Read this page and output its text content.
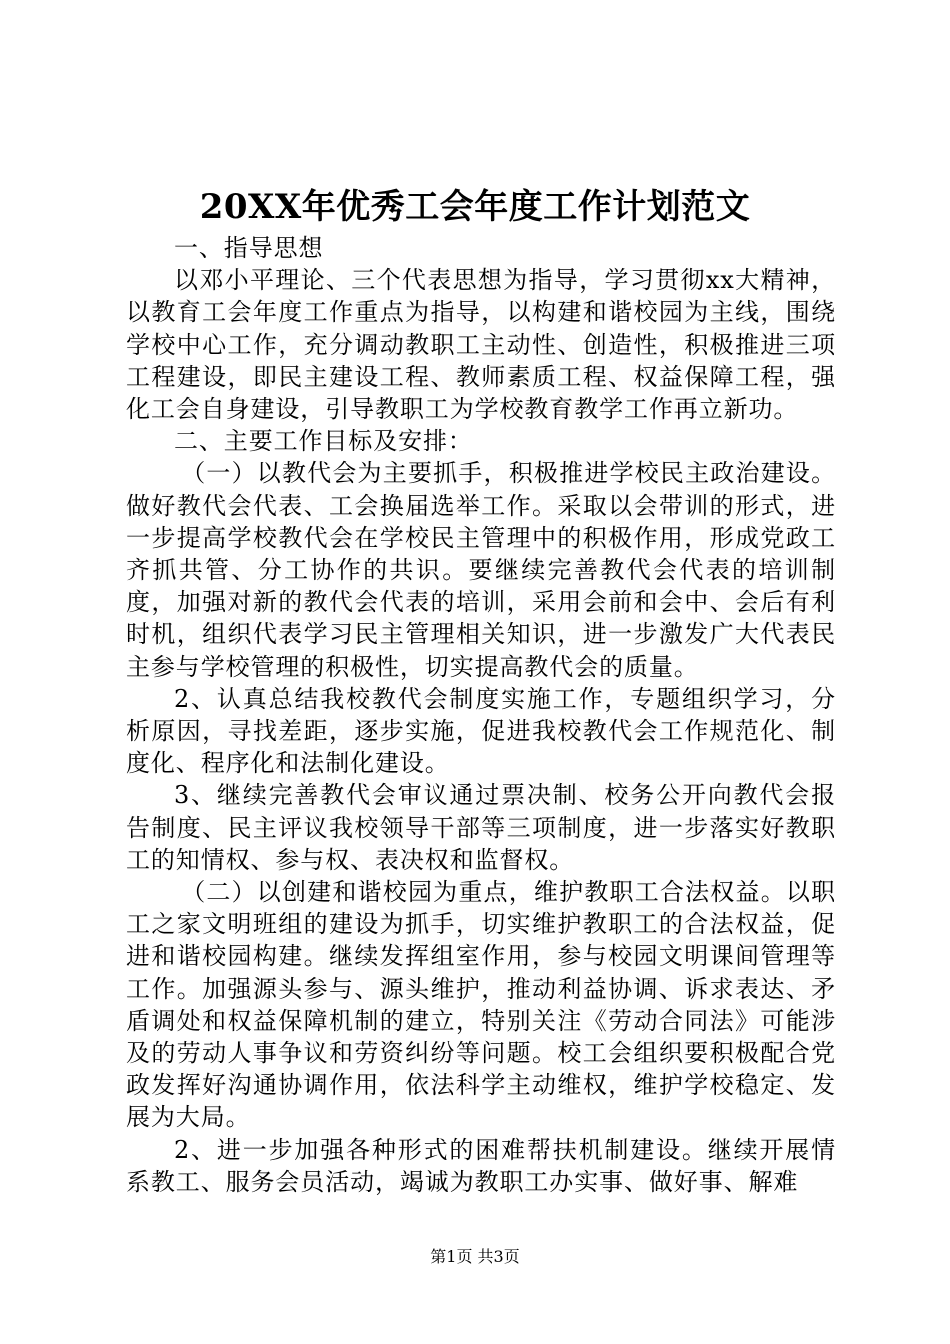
20XX年优秀工会年度工作计划范文

一、指导思想

以邓小平理论、三个代表思想为指导，学习贯彻xx大精神，以教育工会年度工作重点为指导，以构建和谐校园为主线，围绕学校中心工作，充分调动教职工主动性、创造性，积极推进三项工程建设，即民主建设工程、教师素质工程、权益保障工程，强化工会自身建设，引导教职工为学校教育教学工作再立新功。

二、主要工作目标及安排：

（一）以教代会为主要抓手，积极推进学校民主政治建设。做好教代会代表、工会换届选举工作。采取以会带训的形式，进一步提高学校教代会在学校民主管理中的积极作用，形成党政工齐抓共管、分工协作的共识。要继续完善教代会代表的培训制度，加强对新的教代会代表的培训，采用会前和会中、会后有利时机，组织代表学习民主管理相关知识，进一步激发广大代表民主参与学校管理的积极性，切实提高教代会的质量。

2、认真总结我校教代会制度实施工作，专题组织学习，分析原因，寻找差距，逐步实施，促进我校教代会工作规范化、制度化、程序化和法制化建设。

3、继续完善教代会审议通过票决制、校务公开向教代会报告制度、民主评议我校领导干部等三项制度，进一步落实好教职工的知情权、参与权、表决权和监督权。

（二）以创建和谐校园为重点，维护教职工合法权益。以职工之家文明班组的建设为抓手，切实维护教职工的合法权益，促进和谐校园构建。继续发挥组室作用，参与校园文明课间管理等工作。加强源头参与、源头维护，推动利益协调、诉求表达、矛盾调处和权益保障机制的建立，特别关注《劳动合同法》可能涉及的劳动人事争议和劳资纠纷等问题。校工会组织要积极配合党政发挥好沟通协调作用，依法科学主动维权，维护学校稳定、发展为大局。

2、进一步加强各种形式的困难帮扶机制建设。继续开展情系教工、服务会员活动，竭诚为教职工办实事、做好事、解难

第1页 共3页
